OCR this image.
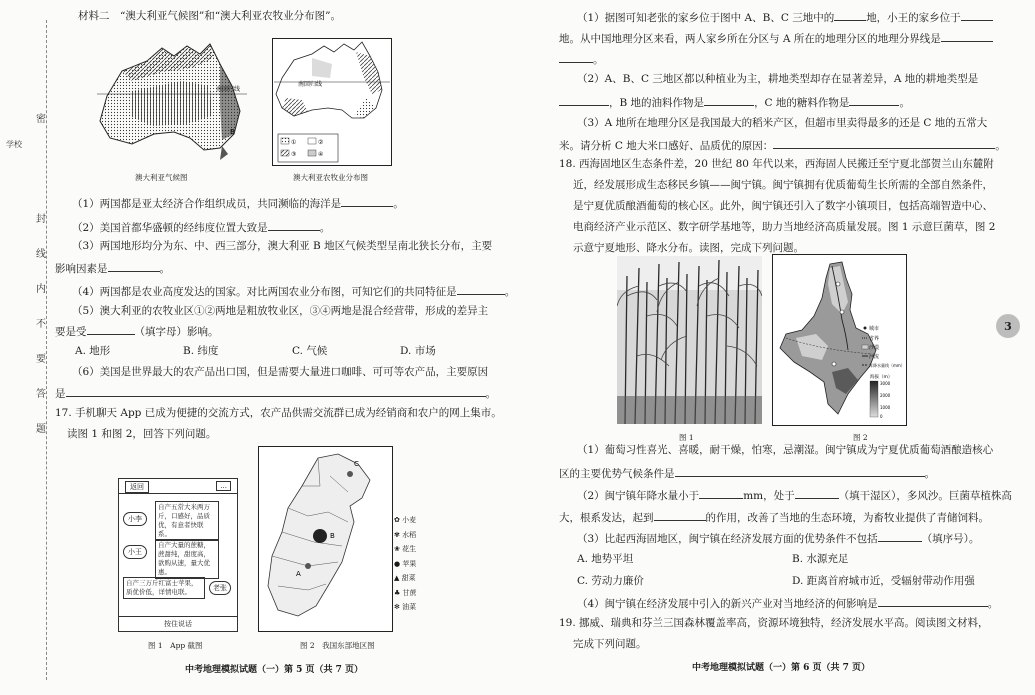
学校
密
封
线
内
不
要
答
题
材料二　“澳大利亚气候图”和“澳大利亚农牧业分布图”。
南回归线
B
澳大利亚气候图
南回归线
①	②
③	④
澳大利亚农牧业分布图
（1）两国都是亚太经济合作组织成员，共同濒临的海洋是	。
（2）美国首都华盛顿的经纬度位置大致是	。
（3）两国地形均分为东、中、西三部分，澳大利亚 B 地区气候类型呈南北狭长分布，主要
影响因素是	。
（4）两国都是农业高度发达的国家。对比两国农业分布图，可知它们的共同特征是	。
（5）澳大利亚的农牧业区①②两地是粗放牧业区，③④两地是混合经营带，形成的差异主
要是受	（填字母）影响。
A. 地形	B. 纬度	C. 气候	D. 市场
（6）美国是世界最大的农产品出口国，但是需要大量进口咖啡、可可等农产品，主要原因
是	。
17. 手机聊天 App 已成为便捷的交流方式，农产品供需交流群已成为经销商和农户的网上集市。
读图 1 和图 2，回答下列问题。
返回	...
小李
自产五常大米两万斤，口感好，品质优，有意者快联系。
小王
自产大量的蔗糖，蔗甜纯，甜度高，欲购从速，量大优惠。
自产三万斤红富士苹果，质优价低，详情电联。	老张
按住说话
图 1　App 截图
C
B
A
✿ 小麦
✾ 水稻
❀ 花生
● 苹果
▲ 甜菜
♣ 甘蔗
✻ 油菜
图 2　我国东部地区图
中考地理模拟试题（一）第 5 页（共 7 页）
（1）据图可知老张的家乡位于图中 A、B、C 三地中的	地，小王的家乡位于
地。从中国地理分区来看，两人家乡所在分区与 A 所在的地理分区的地理分界线是
。
（2）A、B、C 三地区都以种植业为主，耕地类型却存在显著差异，A 地的耕地类型是
，B 地的油料作物是	，C 地的糖料作物是	。
（3）A 地所在地理分区是我国最大的稻米产区，但超市里卖得最多的还是 C 地的五常大
米。请分析 C 地大米口感好、品质优的原因：	。
18. 西海固地区生态条件差，20 世纪 80 年代以来，西海固人民搬迁至宁夏北部贺兰山东麓附
近，经发展形成生态移民乡镇——闽宁镇。闽宁镇拥有优质葡萄生长所需的全部自然条件，
是宁夏优质酿酒葡萄的核心区。此外，闽宁镇还引入了数字小镇项目，包括高端智造中心、
电商经济产业示范区、数字研学基地等，助力当地经济高质量发展。图 1 示意巨菌草，图 2
示意宁夏地形、降水分布。读图，完成下列问题。
图 1
城市
省界
沙漠
河流
年降水量线（mm）
海拔（m）
3000
2000
1000
0
图 2
（1）葡萄习性喜光、喜暖，耐干燥，怕寒，忌潮湿。闽宁镇成为宁夏优质葡萄酒酿造核心
区的主要优势气候条件是	。
（2）闽宁镇年降水量小于	mm，处于	（填干湿区），多风沙。巨菌草植株高
大，根系发达，起到	的作用，改善了当地的生态环境，为畜牧业提供了青储饲料。
（3）比起西海固地区，闽宁镇在经济发展方面的优势条件不包括	（填序号）。
A. 地势平坦	B. 水源充足
C. 劳动力廉价	D. 距离首府城市近，受辐射带动作用强
（4）闽宁镇在经济发展中引入的新兴产业对当地经济的何影响是	。
19. 挪威、瑞典和芬兰三国森林覆盖率高，资源环境独特，经济发展水平高。阅读图文材料，
完成下列问题。
中考地理模拟试题（一）第 6 页（共 7 页）
3
